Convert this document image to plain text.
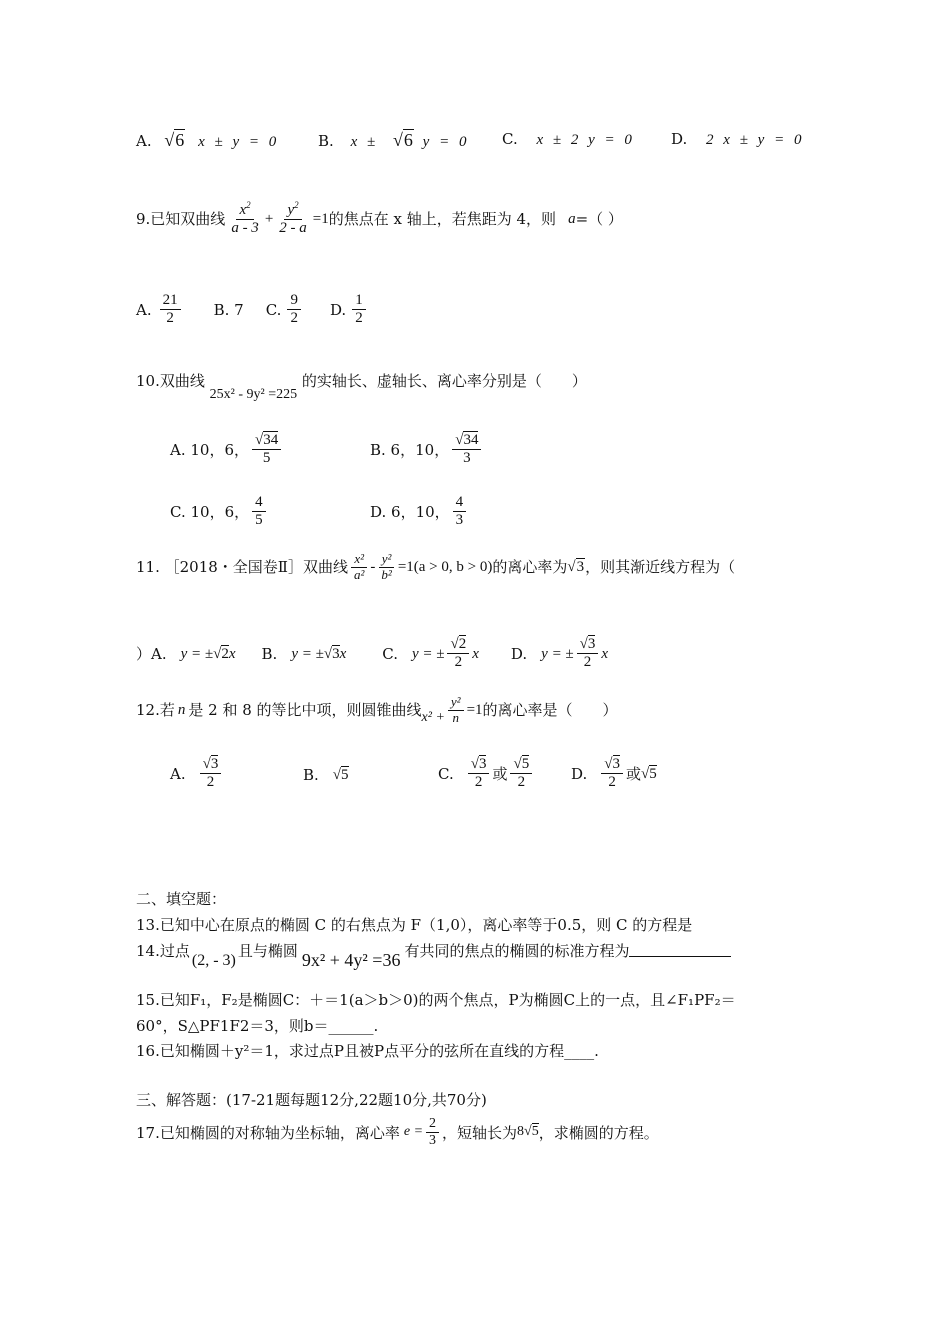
A. √6 x ± y = 0	B. x ± √6 y = 0 C. x ± 2 y = 0 D. 2 x ± y = 0
9.已知双曲线 $\frac{x^2}{a - 3} + \frac{y^2}{2 - a} =1$ 的焦点在 x 轴上，若焦距为 4，则 a =（ ）
A. $\frac{21}{2} B$. 7 C. $\frac{9}{2} D$. $\frac{1}{2}$
10.双曲线 25x² - 9y² =225 的实轴长、虚轴长、离心率分别是（　　）
A. 10，6， $\frac{√34}{5}$	B. 6，10， $\frac{√34}{3}$
C. 10，6， $\frac{4}{5}$	D. 6，10， $\frac{4}{3}$
11. ［2018・全国卷Ⅱ］双曲线 $\frac{\text{x²}}{\text{a²}} - \frac{\text{y²}}{\text{b²}} =1(a > 0$, b > 0) 的离心率为 √3 ，则其渐近线方程为（
）A. y = ± √2 x B. y = ± √3 x C. y = ± $\frac{√2}{2}$ x D. y = ± $\frac{√3}{2}$ x
12.若 n 是 2 和 8 的等比中项，则圆锥曲线 $x^2 + \frac{\text{y²}}{n} =1$ 的离心率是（　　）
A. $\frac{√3}{2}$	B. √5	C. $\frac{√3}{2}$ 或 $\frac{√5}{2}$	D. $\frac{√3}{2}$ 或 √5
二、填空题：
13.已知中心在原点的椭圆 C 的右焦点为 F（1,0），离心率等于0.5，则 C 的方程是
14.过点
(2, - 3)
且与椭圆 9x² + 4y² =36 有共同的焦点的椭圆的标准方程为
15.已知F₁，F₂是椭圆C：＋＝1(a＞b＞0)的两个焦点，P为椭圆C上的一点，且∠F₁PF₂＝
60°，S△PF1F2＝3，则b＝______.
16.已知椭圆＋y²＝1，求过点P且被P点平分的弦所在直线的方程____.
三、解答题：(17-21题每题12分,22题10分,共70分)
17.已知椭圆的对称轴为坐标轴，离心率 $e = \frac{2}{3}$ ，短轴长为 8 √5 ，求椭圆的方程。
